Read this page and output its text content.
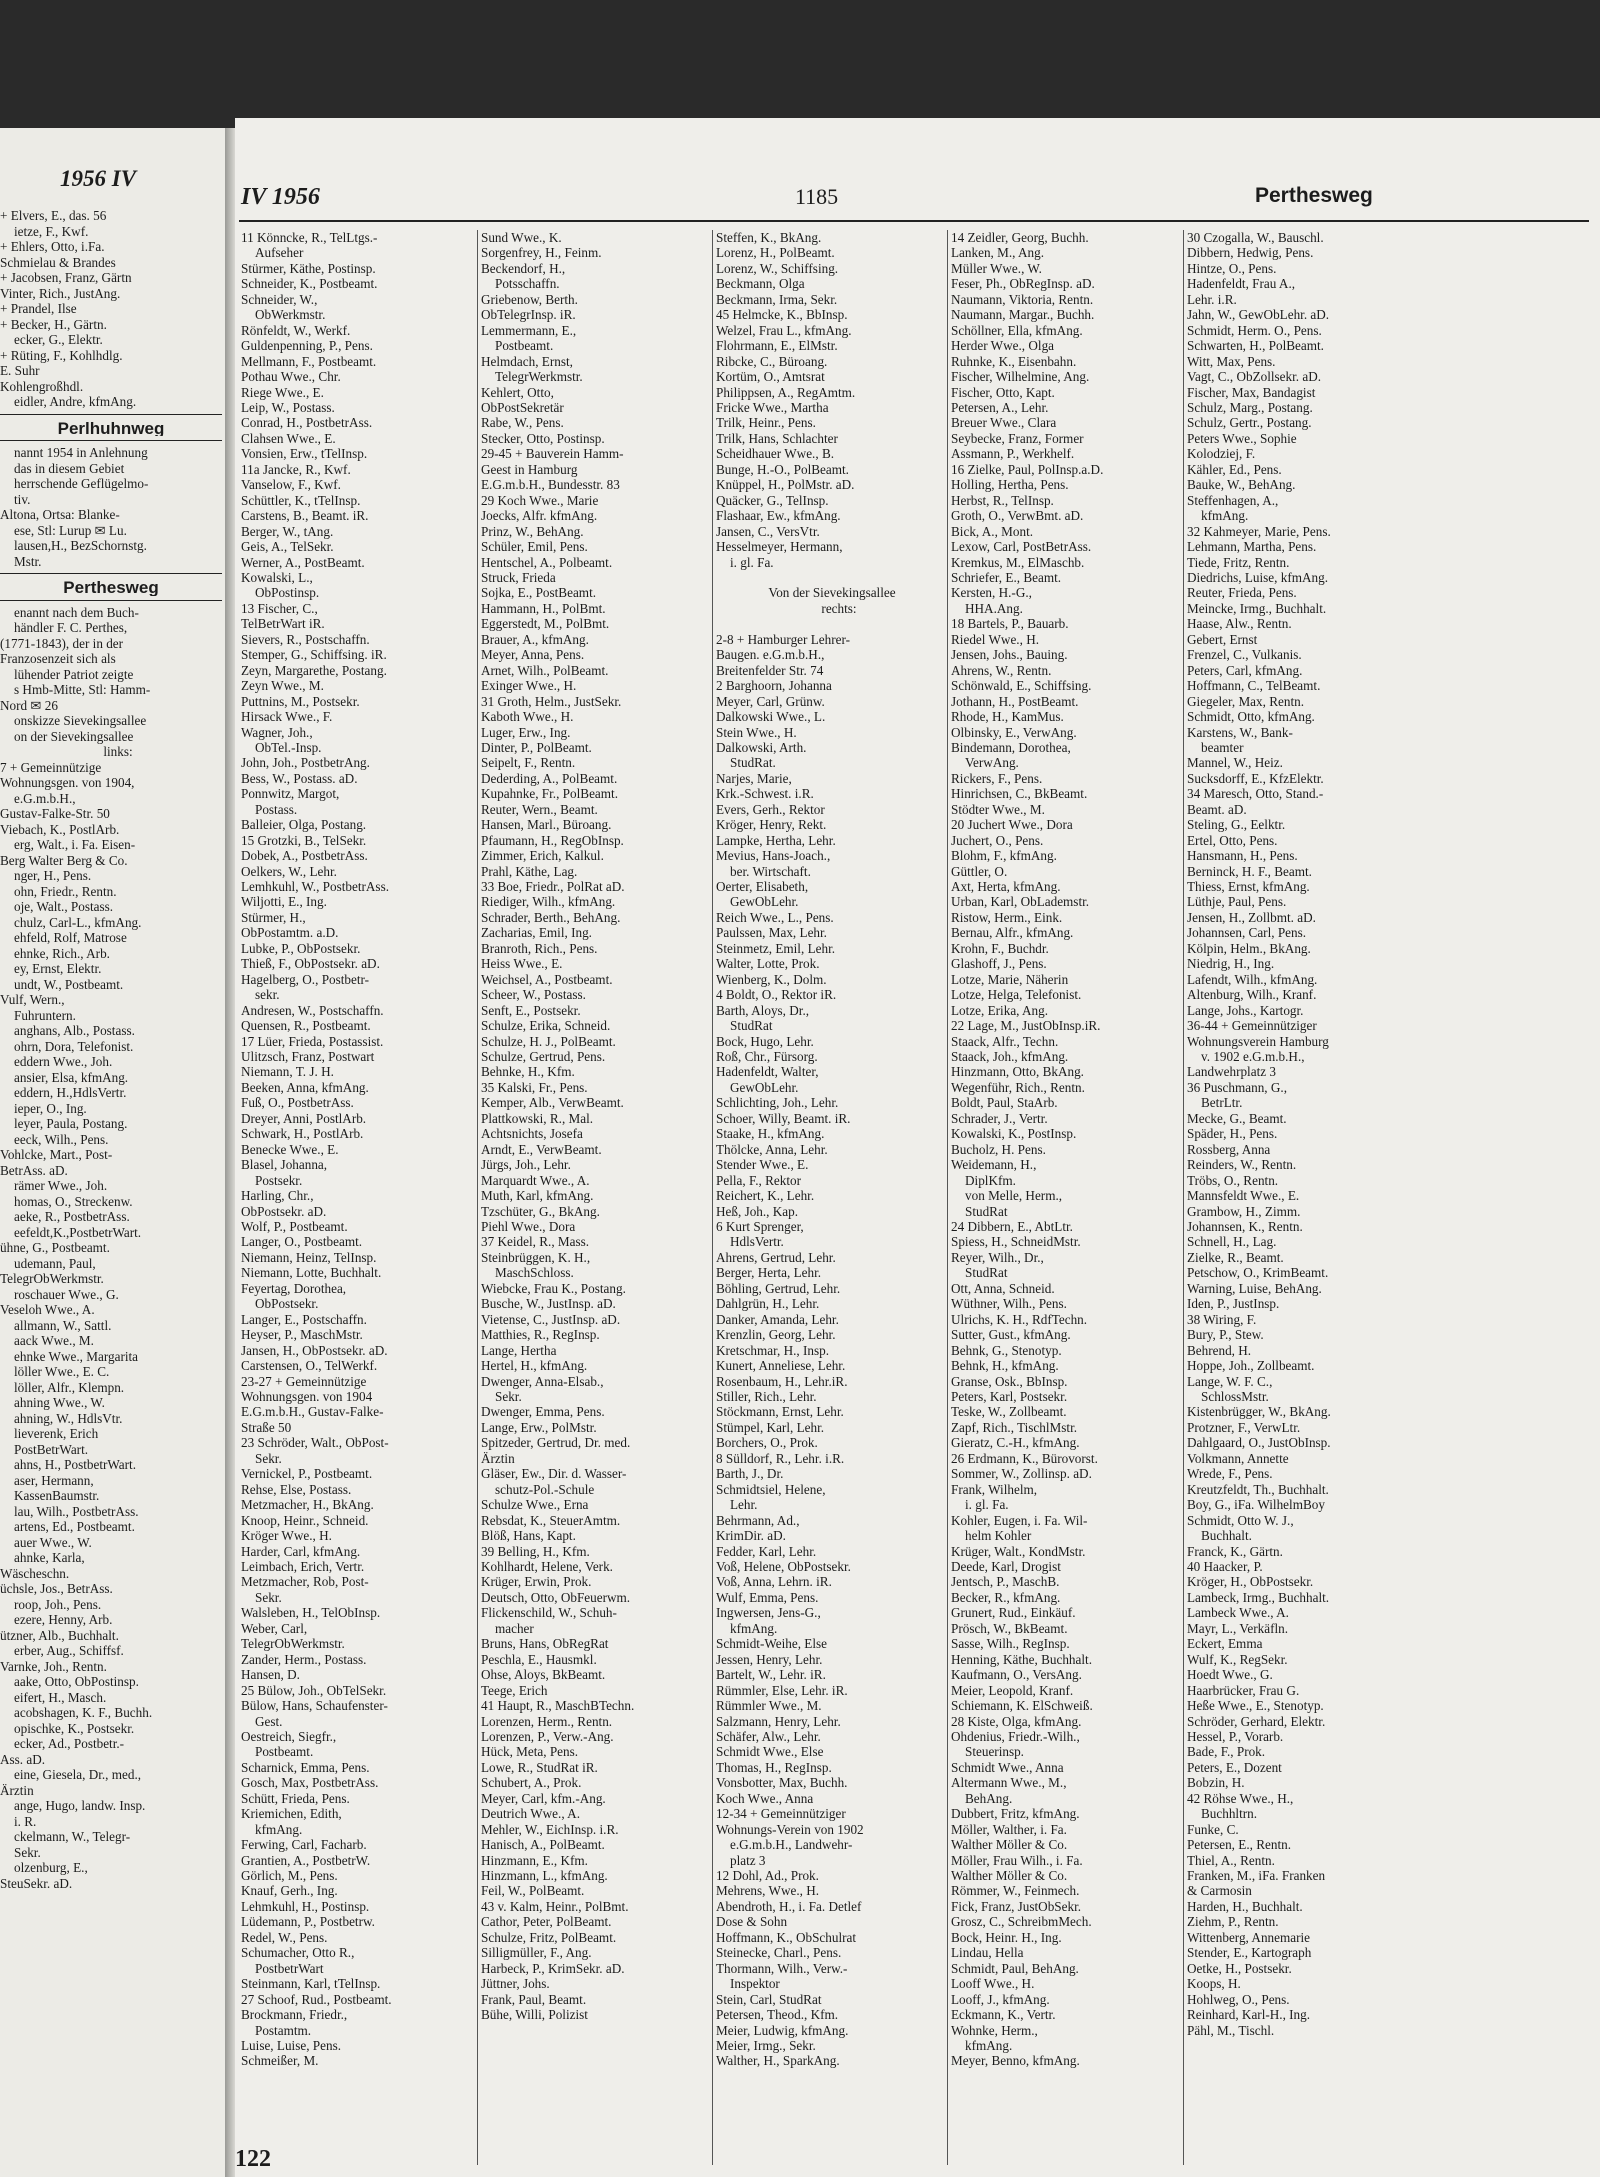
1956 IV
+ Elvers, E., das. 56
ietze, F., Kwf.
+ Ehlers, Otto, i.Fa.
Schmielau & Brandes
+ Jacobsen, Franz, Gärtn
Vinter, Rich., JustAng.
+ Prandel, Ilse
+ Becker, H., Gärtn.
ecker, G., Elektr.
+ Rüting, F., Kohlhdlg.
E. Suhr
Kohlengroßhdl.
eidler, Andre, kfmAng.
Perlhuhnweg
nannt 1954 in Anlehnung
das in diesem Gebiet
herrschende Geflügelmo-
tiv.
Altona, Ortsa: Blanke-
ese, Stl: Lurup ✉ Lu.
lausen,H., BezSchornstg.
Mstr.
Perthesweg
enannt nach dem Buch-
händler F. C. Perthes,
(1771-1843), der in der
Franzosenzeit sich als
lühender Patriot zeigte
s Hmb-Mitte, Stl: Hamm-
Nord ✉ 26
onskizze Sievekingsallee
on der Sievekingsallee
links:
7 + Gemeinnützige
Wohnungsgen. von 1904,
e.G.m.b.H.,
Gustav-Falke-Str. 50
Viebach, K., PostlArb.
erg, Walt., i. Fa. Eisen-
Berg Walter Berg & Co.
nger, H., Pens.
ohn, Friedr., Rentn.
oje, Walt., Postass.
chulz, Carl-L., kfmAng.
ehfeld, Rolf, Matrose
ehnke, Rich., Arb.
ey, Ernst, Elektr.
undt, W., Postbeamt.
Vulf, Wern.,
Fuhruntern.
anghans, Alb., Postass.
ohrn, Dora, Telefonist.
eddern Wwe., Joh.
ansier, Elsa, kfmAng.
eddern, H.,HdlsVertr.
ieper, O., Ing.
leyer, Paula, Postang.
eeck, Wilh., Pens.
Vohlcke, Mart., Post-
BetrAss. aD.
rämer Wwe., Joh.
homas, O., Streckenw.
aeke, R., PostbetrAss.
eefeldt,K.,PostbetrWart.
ühne, G., Postbeamt.
udemann, Paul,
TelegrObWerkmstr.
roschauer Wwe., G.
Veseloh Wwe., A.
allmann, W., Sattl.
aack Wwe., M.
ehnke Wwe., Margarita
löller Wwe., E. C.
löller, Alfr., Klempn.
ahning Wwe., W.
ahning, W., HdlsVtr.
lieverenk, Erich
PostBetrWart.
ahns, H., PostbetrWart.
aser, Hermann,
KassenBaumstr.
lau, Wilh., PostbetrAss.
artens, Ed., Postbeamt.
auer Wwe., W.
ahnke, Karla,
Wäscheschn.
üchsle, Jos., BetrAss.
roop, Joh., Pens.
ezere, Henny, Arb.
ützner, Alb., Buchhalt.
erber, Aug., Schiffsf.
Varnke, Joh., Rentn.
aake, Otto, ObPostinsp.
eifert, H., Masch.
acobshagen, K. F., Buchh.
opischke, K., Postsekr.
ecker, Ad., Postbetr.-
Ass. aD.
eine, Giesela, Dr., med.,
Ärztin
ange, Hugo, landw. Insp.
i. R.
ckelmann, W., Telegr-
Sekr.
olzenburg, E.,
SteuSekr. aD.
IV 1956	1185	Perthesweg
11 Könncke, R., TelLtgs.-
Aufseher
Stürmer, Käthe, Postinsp.
Schneider, K., Postbeamt.
Schneider, W.,
ObWerkmstr.
Rönfeldt, W., Werkf.
Guldenpenning, P., Pens.
Mellmann, F., Postbeamt.
Pothau Wwe., Chr.
Riege Wwe., E.
Leip, W., Postass.
Conrad, H., PostbetrAss.
Clahsen Wwe., E.
Vonsien, Erw., tTelInsp.
11a Jancke, R., Kwf.
Vanselow, F., Kwf.
Schüttler, K., tTelInsp.
Carstens, B., Beamt. iR.
Berger, W., tAng.
Geis, A., TelSekr.
Werner, A., PostBeamt.
Kowalski, L.,
ObPostinsp.
13 Fischer, C.,
TelBetrWart iR.
Sievers, R., Postschaffn.
Stemper, G., Schiffsing. iR.
Zeyn, Margarethe, Postang.
Zeyn Wwe., M.
Puttnins, M., Postsekr.
Hirsack Wwe., F.
Wagner, Joh.,
ObTel.-Insp.
John, Joh., PostbetrAng.
Bess, W., Postass. aD.
Ponnwitz, Margot,
Postass.
Balleier, Olga, Postang.
15 Grotzki, B., TelSekr.
Dobek, A., PostbetrAss.
Oelkers, W., Lehr.
Lemhkuhl, W., PostbetrAss.
Wiljotti, E., Ing.
Stürmer, H.,
ObPostamtm. a.D.
Lubke, P., ObPostsekr.
Thieß, F., ObPostsekr. aD.
Hagelberg, O., Postbetr-
sekr.
Andresen, W., Postschaffn.
Quensen, R., Postbeamt.
17 Lüer, Frieda, Postassist.
Ulitzsch, Franz, Postwart
Niemann, T. J. H.
Beeken, Anna, kfmAng.
Fuß, O., PostbetrAss.
Dreyer, Anni, PostlArb.
Schwark, H., PostlArb.
Benecke Wwe., E.
Blasel, Johanna,
Postsekr.
Harling, Chr.,
ObPostsekr. aD.
Wolf, P., Postbeamt.
Langer, O., Postbeamt.
Niemann, Heinz, TelInsp.
Niemann, Lotte, Buchhalt.
Feyertag, Dorothea,
ObPostsekr.
Langer, E., Postschaffn.
Heyser, P., MaschMstr.
Jansen, H., ObPostsekr. aD.
Carstensen, O., TelWerkf.
23-27 + Gemeinnützige
Wohnungsgen. von 1904
E.G.m.b.H., Gustav-Falke-
Straße 50
23 Schröder, Walt., ObPost-
Sekr.
Vernickel, P., Postbeamt.
Rehse, Else, Postass.
Metzmacher, H., BkAng.
Knoop, Heinr., Schneid.
Kröger Wwe., H.
Harder, Carl, kfmAng.
Leimbach, Erich, Vertr.
Metzmacher, Rob, Post-
Sekr.
Walsleben, H., TelObInsp.
Weber, Carl,
TelegrObWerkmstr.
Zander, Herm., Postass.
Hansen, D.
25 Bülow, Joh., ObTelSekr.
Bülow, Hans, Schaufenster-
Gest.
Oestreich, Siegfr.,
Postbeamt.
Scharnick, Emma, Pens.
Gosch, Max, PostbetrAss.
Schütt, Frieda, Pens.
Kriemichen, Edith,
kfmAng.
Ferwing, Carl, Facharb.
Grantien, A., PostbetrW.
Görlich, M., Pens.
Knauf, Gerh., Ing.
Lehmkuhl, H., Postinsp.
Lüdemann, P., Postbetrw.
Redel, W., Pens.
Schumacher, Otto R.,
PostbetrWart
Steinmann, Karl, tTelInsp.
27 Schoof, Rud., Postbeamt.
Brockmann, Friedr.,
Postamtm.
Luise, Luise, Pens.
Schmeißer, M.
Sund Wwe., K.
Sorgenfrey, H., Feinm.
Beckendorf, H.,
Potsschaffn.
Griebenow, Berth.
ObTelegrInsp. iR.
Lemmermann, E.,
Postbeamt.
Helmdach, Ernst,
TelegrWerkmstr.
Kehlert, Otto,
ObPostSekretär
Rabe, W., Pens.
Stecker, Otto, Postinsp.
29-45 + Bauverein Hamm-
Geest in Hamburg
E.G.m.b.H., Bundesstr. 83
29 Koch Wwe., Marie
Joecks, Alfr. kfmAng.
Prinz, W., BehAng.
Schüler, Emil, Pens.
Hentschel, A., Polbeamt.
Struck, Frieda
Sojka, E., PostBeamt.
Hammann, H., PolBmt.
Eggerstedt, M., PolBmt.
Brauer, A., kfmAng.
Meyer, Anna, Pens.
Arnet, Wilh., PolBeamt.
Exinger Wwe., H.
31 Groth, Helm., JustSekr.
Kaboth Wwe., H.
Luger, Erw., Ing.
Dinter, P., PolBeamt.
Seipelt, F., Rentn.
Dederding, A., PolBeamt.
Kupahnke, Fr., PolBeamt.
Reuter, Wern., Beamt.
Hansen, Marl., Büroang.
Pfaumann, H., RegObInsp.
Zimmer, Erich, Kalkul.
Prahl, Käthe, Lag.
33 Boe, Friedr., PolRat aD.
Riediger, Wilh., kfmAng.
Schrader, Berth., BehAng.
Zacharias, Emil, Ing.
Branroth, Rich., Pens.
Heiss Wwe., E.
Weichsel, A., Postbeamt.
Scheer, W., Postass.
Senft, E., Postsekr.
Schulze, Erika, Schneid.
Schulze, H. J., PolBeamt.
Schulze, Gertrud, Pens.
Behnke, H., Kfm.
35 Kalski, Fr., Pens.
Kemper, Alb., VerwBeamt.
Plattkowski, R., Mal.
Achtsnichts, Josefa
Arndt, E., VerwBeamt.
Jürgs, Joh., Lehr.
Marquardt Wwe., A.
Muth, Karl, kfmAng.
Tzschüter, G., BkAng.
Piehl Wwe., Dora
37 Keidel, R., Mass.
Steinbrüggen, K. H.,
MaschSchloss.
Wiebcke, Frau K., Postang.
Busche, W., JustInsp. aD.
Vietense, C., JustInsp. aD.
Matthies, R., RegInsp.
Lange, Hertha
Hertel, H., kfmAng.
Dwenger, Anna-Elsab.,
Sekr.
Dwenger, Emma, Pens.
Lange, Erw., PolMstr.
Spitzeder, Gertrud, Dr. med.
Ärztin
Gläser, Ew., Dir. d. Wasser-
schutz-Pol.-Schule
Schulze Wwe., Erna
Rebsdat, K., SteuerAmtm.
Blöß, Hans, Kapt.
39 Belling, H., Kfm.
Kohlhardt, Helene, Verk.
Krüger, Erwin, Prok.
Deutsch, Otto, ObFeuerwm.
Flickenschild, W., Schuh-
macher
Bruns, Hans, ObRegRat
Peschla, E., Hausmkl.
Ohse, Aloys, BkBeamt.
Teege, Erich
41 Haupt, R., MaschBTechn.
Lorenzen, Herm., Rentn.
Lorenzen, P., Verw.-Ang.
Hück, Meta, Pens.
Lowe, R., StudRat iR.
Schubert, A., Prok.
Meyer, Carl, kfm.-Ang.
Deutrich Wwe., A.
Mehler, W., EichInsp. i.R.
Hanisch, A., PolBeamt.
Hinzmann, E., Kfm.
Hinzmann, L., kfmAng.
Feil, W., PolBeamt.
43 v. Kalm, Heinr., PolBmt.
Cathor, Peter, PolBeamt.
Schulze, Fritz, PolBeamt.
Silligmüller, F., Ang.
Harbeck, P., KrimSekr. aD.
Jüttner, Johs.
Frank, Paul, Beamt.
Bühe, Willi, Polizist
Steffen, K., BkAng.
Lorenz, H., PolBeamt.
Lorenz, W., Schiffsing.
Beckmann, Olga
Beckmann, Irma, Sekr.
45 Helmcke, K., BbInsp.
Welzel, Frau L., kfmAng.
Flohrmann, E., ElMstr.
Ribcke, C., Büroang.
Kortüm, O., Amtsrat
Philippsen, A., RegAmtm.
Fricke Wwe., Martha
Trilk, Heinr., Pens.
Trilk, Hans, Schlachter
Scheidhauer Wwe., B.
Bunge, H.-O., PolBeamt.
Knüppel, H., PolMstr. aD.
Quäcker, G., TelInsp.
Flashaar, Ew., kfmAng.
Jansen, C., VersVtr.
Hesselmeyer, Hermann,
i. gl. Fa.

Von der Sievekingsallee
rechts:

2-8 + Hamburger Lehrer-
Baugen. e.G.m.b.H.,
Breitenfelder Str. 74
2 Barghoorn, Johanna
Meyer, Carl, Grünw.
Dalkowski Wwe., L.
Stein Wwe., H.
Dalkowski, Arth.
StudRat.
Narjes, Marie,
Krk.-Schwest. i.R.
Evers, Gerh., Rektor
Kröger, Henry, Rekt.
Lampke, Hertha, Lehr.
Mevius, Hans-Joach.,
ber. Wirtschaft.
Oerter, Elisabeth,
GewObLehr.
Reich Wwe., L., Pens.
Paulssen, Max, Lehr.
Steinmetz, Emil, Lehr.
Walter, Lotte, Prok.
Wienberg, K., Dolm.
4 Boldt, O., Rektor iR.
Barth, Aloys, Dr.,
StudRat
Bock, Hugo, Lehr.
Roß, Chr., Fürsorg.
Hadenfeldt, Walter,
GewObLehr.
Schlichting, Joh., Lehr.
Schoer, Willy, Beamt. iR.
Staake, H., kfmAng.
Thölcke, Anna, Lehr.
Stender Wwe., E.
Pella, F., Rektor
Reichert, K., Lehr.
Heß, Joh., Kap.
6 Kurt Sprenger,
HdlsVertr.
Ahrens, Gertrud, Lehr.
Berger, Herta, Lehr.
Böhling, Gertrud, Lehr.
Dahlgrün, H., Lehr.
Danker, Amanda, Lehr.
Krenzlin, Georg, Lehr.
Kretschmar, H., Insp.
Kunert, Anneliese, Lehr.
Rosenbaum, H., Lehr.iR.
Stiller, Rich., Lehr.
Stöckmann, Ernst, Lehr.
Stümpel, Karl, Lehr.
Borchers, O., Prok.
8 Sülldorf, R., Lehr. i.R.
Barth, J., Dr.
Schmidtsiel, Helene,
Lehr.
Behrmann, Ad.,
KrimDir. aD.
Fedder, Karl, Lehr.
Voß, Helene, ObPostsekr.
Voß, Anna, Lehrn. iR.
Wulf, Emma, Pens.
Ingwersen, Jens-G.,
kfmAng.
Schmidt-Weihe, Else
Jessen, Henry, Lehr.
Bartelt, W., Lehr. iR.
Rümmler, Else, Lehr. iR.
Rümmler Wwe., M.
Salzmann, Henry, Lehr.
Schäfer, Alw., Lehr.
Schmidt Wwe., Else
Thomas, H., RegInsp.
Vonsbotter, Max, Buchh.
Koch Wwe., Anna
12-34 + Gemeinnütziger
Wohnungs-Verein von 1902
e.G.m.b.H., Landwehr-
platz 3
12 Dohl, Ad., Prok.
Mehrens, Wwe., H.
Abendroth, H., i. Fa. Detlef
Dose & Sohn
Hoffmann, K., ObSchulrat
Steinecke, Charl., Pens.
Thormann, Wilh., Verw.-
Inspektor
Stein, Carl, StudRat
Petersen, Theod., Kfm.
Meier, Ludwig, kfmAng.
Meier, Irmg., Sekr.
Walther, H., SparkAng.
14 Zeidler, Georg, Buchh.
Lanken, M., Ang.
Müller Wwe., W.
Feser, Ph., ObRegInsp. aD.
Naumann, Viktoria, Rentn.
Naumann, Margar., Buchh.
Schöllner, Ella, kfmAng.
Herder Wwe., Olga
Ruhnke, K., Eisenbahn.
Fischer, Wilhelmine, Ang.
Fischer, Otto, Kapt.
Petersen, A., Lehr.
Breuer Wwe., Clara
Seybecke, Franz, Former
Assmann, P., Werkhelf.
16 Zielke, Paul, PolInsp.a.D.
Holling, Hertha, Pens.
Herbst, R., TelInsp.
Groth, O., VerwBmt. aD.
Bick, A., Mont.
Lexow, Carl, PostBetrAss.
Kremkus, M., ElMaschb.
Schriefer, E., Beamt.
Kersten, H.-G.,
HHA.Ang.
18 Bartels, P., Bauarb.
Riedel Wwe., H.
Jensen, Johs., Bauing.
Ahrens, W., Rentn.
Schönwald, E., Schiffsing.
Jothann, H., PostBeamt.
Rhode, H., KamMus.
Olbinsky, E., VerwAng.
Bindemann, Dorothea,
VerwAng.
Rickers, F., Pens.
Hinrichsen, C., BkBeamt.
Stödter Wwe., M.
20 Juchert Wwe., Dora
Juchert, O., Pens.
Blohm, F., kfmAng.
Güttler, O.
Axt, Herta, kfmAng.
Urban, Karl, ObLademstr.
Ristow, Herm., Eink.
Bernau, Alfr., kfmAng.
Krohn, F., Buchdr.
Glashoff, J., Pens.
Lotze, Marie, Näherin
Lotze, Helga, Telefonist.
Lotze, Erika, Ang.
22 Lage, M., JustObInsp.iR.
Staack, Alfr., Techn.
Staack, Joh., kfmAng.
Hinzmann, Otto, BkAng.
Wegenführ, Rich., Rentn.
Boldt, Paul, StaArb.
Schrader, J., Vertr.
Kowalski, K., PostInsp.
Bucholz, H. Pens.
Weidemann, H.,
DiplKfm.
von Melle, Herm.,
StudRat
24 Dibbern, E., AbtLtr.
Spiess, H., SchneidMstr.
Reyer, Wilh., Dr.,
StudRat
Ott, Anna, Schneid.
Wüthner, Wilh., Pens.
Ulrichs, K. H., RdfTechn.
Sutter, Gust., kfmAng.
Behnk, G., Stenotyp.
Behnk, H., kfmAng.
Granse, Osk., BbInsp.
Peters, Karl, Postsekr.
Teske, W., Zollbeamt.
Zapf, Rich., TischlMstr.
Gieratz, C.-H., kfmAng.
26 Erdmann, K., Bürovorst.
Sommer, W., Zollinsp. aD.
Frank, Wilhelm,
i. gl. Fa.
Kohler, Eugen, i. Fa. Wil-
helm Kohler
Krüger, Walt., KondMstr.
Deede, Karl, Drogist
Jentsch, P., MaschB.
Becker, R., kfmAng.
Grunert, Rud., Einkäuf.
Prösch, W., BkBeamt.
Sasse, Wilh., RegInsp.
Henning, Käthe, Buchhalt.
Kaufmann, O., VersAng.
Meier, Leopold, Kranf.
Schiemann, K. ElSchweiß.
28 Kiste, Olga, kfmAng.
Ohdenius, Friedr.-Wilh.,
Steuerinsp.
Schmidt Wwe., Anna
Altermann Wwe., M.,
BehAng.
Dubbert, Fritz, kfmAng.
Möller, Walther, i. Fa.
Walther Möller & Co.
Möller, Frau Wilh., i. Fa.
Walther Möller & Co.
Römmer, W., Feinmech.
Fick, Franz, JustObSekr.
Grosz, C., SchreibmMech.
Bock, Heinr. H., Ing.
Lindau, Hella
Schmidt, Paul, BehAng.
Looff Wwe., H.
Looff, J., kfmAng.
Eckmann, K., Vertr.
Wohnke, Herm.,
kfmAng.
Meyer, Benno, kfmAng.
30 Czogalla, W., Bauschl.
Dibbern, Hedwig, Pens.
Hintze, O., Pens.
Hadenfeldt, Frau A.,
Lehr. i.R.
Jahn, W., GewObLehr. aD.
Schmidt, Herm. O., Pens.
Schwarten, H., PolBeamt.
Witt, Max, Pens.
Vagt, C., ObZollsekr. aD.
Fischer, Max, Bandagist
Schulz, Marg., Postang.
Schulz, Gertr., Postang.
Peters Wwe., Sophie
Kolodziej, F.
Kähler, Ed., Pens.
Bauke, W., BehAng.
Steffenhagen, A.,
kfmAng.
32 Kahmeyer, Marie, Pens.
Lehmann, Martha, Pens.
Tiede, Fritz, Rentn.
Diedrichs, Luise, kfmAng.
Reuter, Frieda, Pens.
Meincke, Irmg., Buchhalt.
Haase, Alw., Rentn.
Gebert, Ernst
Frenzel, C., Vulkanis.
Peters, Carl, kfmAng.
Hoffmann, C., TelBeamt.
Giegeler, Max, Rentn.
Schmidt, Otto, kfmAng.
Karstens, W., Bank-
beamter
Mannel, W., Heiz.
Sucksdorff, E., KfzElektr.
34 Maresch, Otto, Stand.-
Beamt. aD.
Steling, G., Eelktr.
Ertel, Otto, Pens.
Hansmann, H., Pens.
Berninck, H. F., Beamt.
Thiess, Ernst, kfmAng.
Lüthje, Paul, Pens.
Jensen, H., Zollbmt. aD.
Johannsen, Carl, Pens.
Kölpin, Helm., BkAng.
Niedrig, H., Ing.
Lafendt, Wilh., kfmAng.
Altenburg, Wilh., Kranf.
Lange, Johs., Kartogr.
36-44 + Gemeinnütziger
Wohnungsverein Hamburg
v. 1902 e.G.m.b.H.,
Landwehrplatz 3
36 Puschmann, G.,
BetrLtr.
Mecke, G., Beamt.
Späder, H., Pens.
Rossberg, Anna
Reinders, W., Rentn.
Tröbs, O., Rentn.
Mannsfeldt Wwe., E.
Grambow, H., Zimm.
Johannsen, K., Rentn.
Schnell, H., Lag.
Zielke, R., Beamt.
Petschow, O., KrimBeamt.
Warning, Luise, BehAng.
Iden, P., JustInsp.
38 Wiring, F.
Bury, P., Stew.
Behrend, H.
Hoppe, Joh., Zollbeamt.
Lange, W. F. C.,
SchlossMstr.
Kistenbrügger, W., BkAng.
Protzner, F., VerwLtr.
Dahlgaard, O., JustObInsp.
Volkmann, Annette
Wrede, F., Pens.
Kreutzfeldt, Th., Buchhalt.
Boy, G., iFa. WilhelmBoy
Schmidt, Otto W. J.,
Buchhalt.
Franck, K., Gärtn.
40 Haacker, P.
Kröger, H., ObPostsekr.
Lambeck, Irmg., Buchhalt.
Lambeck Wwe., A.
Mayr, L., Verkäfln.
Eckert, Emma
Wulf, K., RegSekr.
Hoedt Wwe., G.
Haarbrücker, Frau G.
Heße Wwe., E., Stenotyp.
Schröder, Gerhard, Elektr.
Hessel, P., Vorarb.
Bade, F., Prok.
Peters, E., Dozent
Bobzin, H.
42 Röhse Wwe., H.,
Buchhltrn.
Funke, C.
Petersen, E., Rentn.
Thiel, A., Rentn.
Franken, M., iFa. Franken
& Carmosin
Harden, H., Buchhalt.
Ziehm, P., Rentn.
Wittenberg, Annemarie
Stender, E., Kartograph
Oetke, H., Postsekr.
Koops, H.
Hohlweg, O., Pens.
Reinhard, Karl-H., Ing.
Pähl, M., Tischl.
122
